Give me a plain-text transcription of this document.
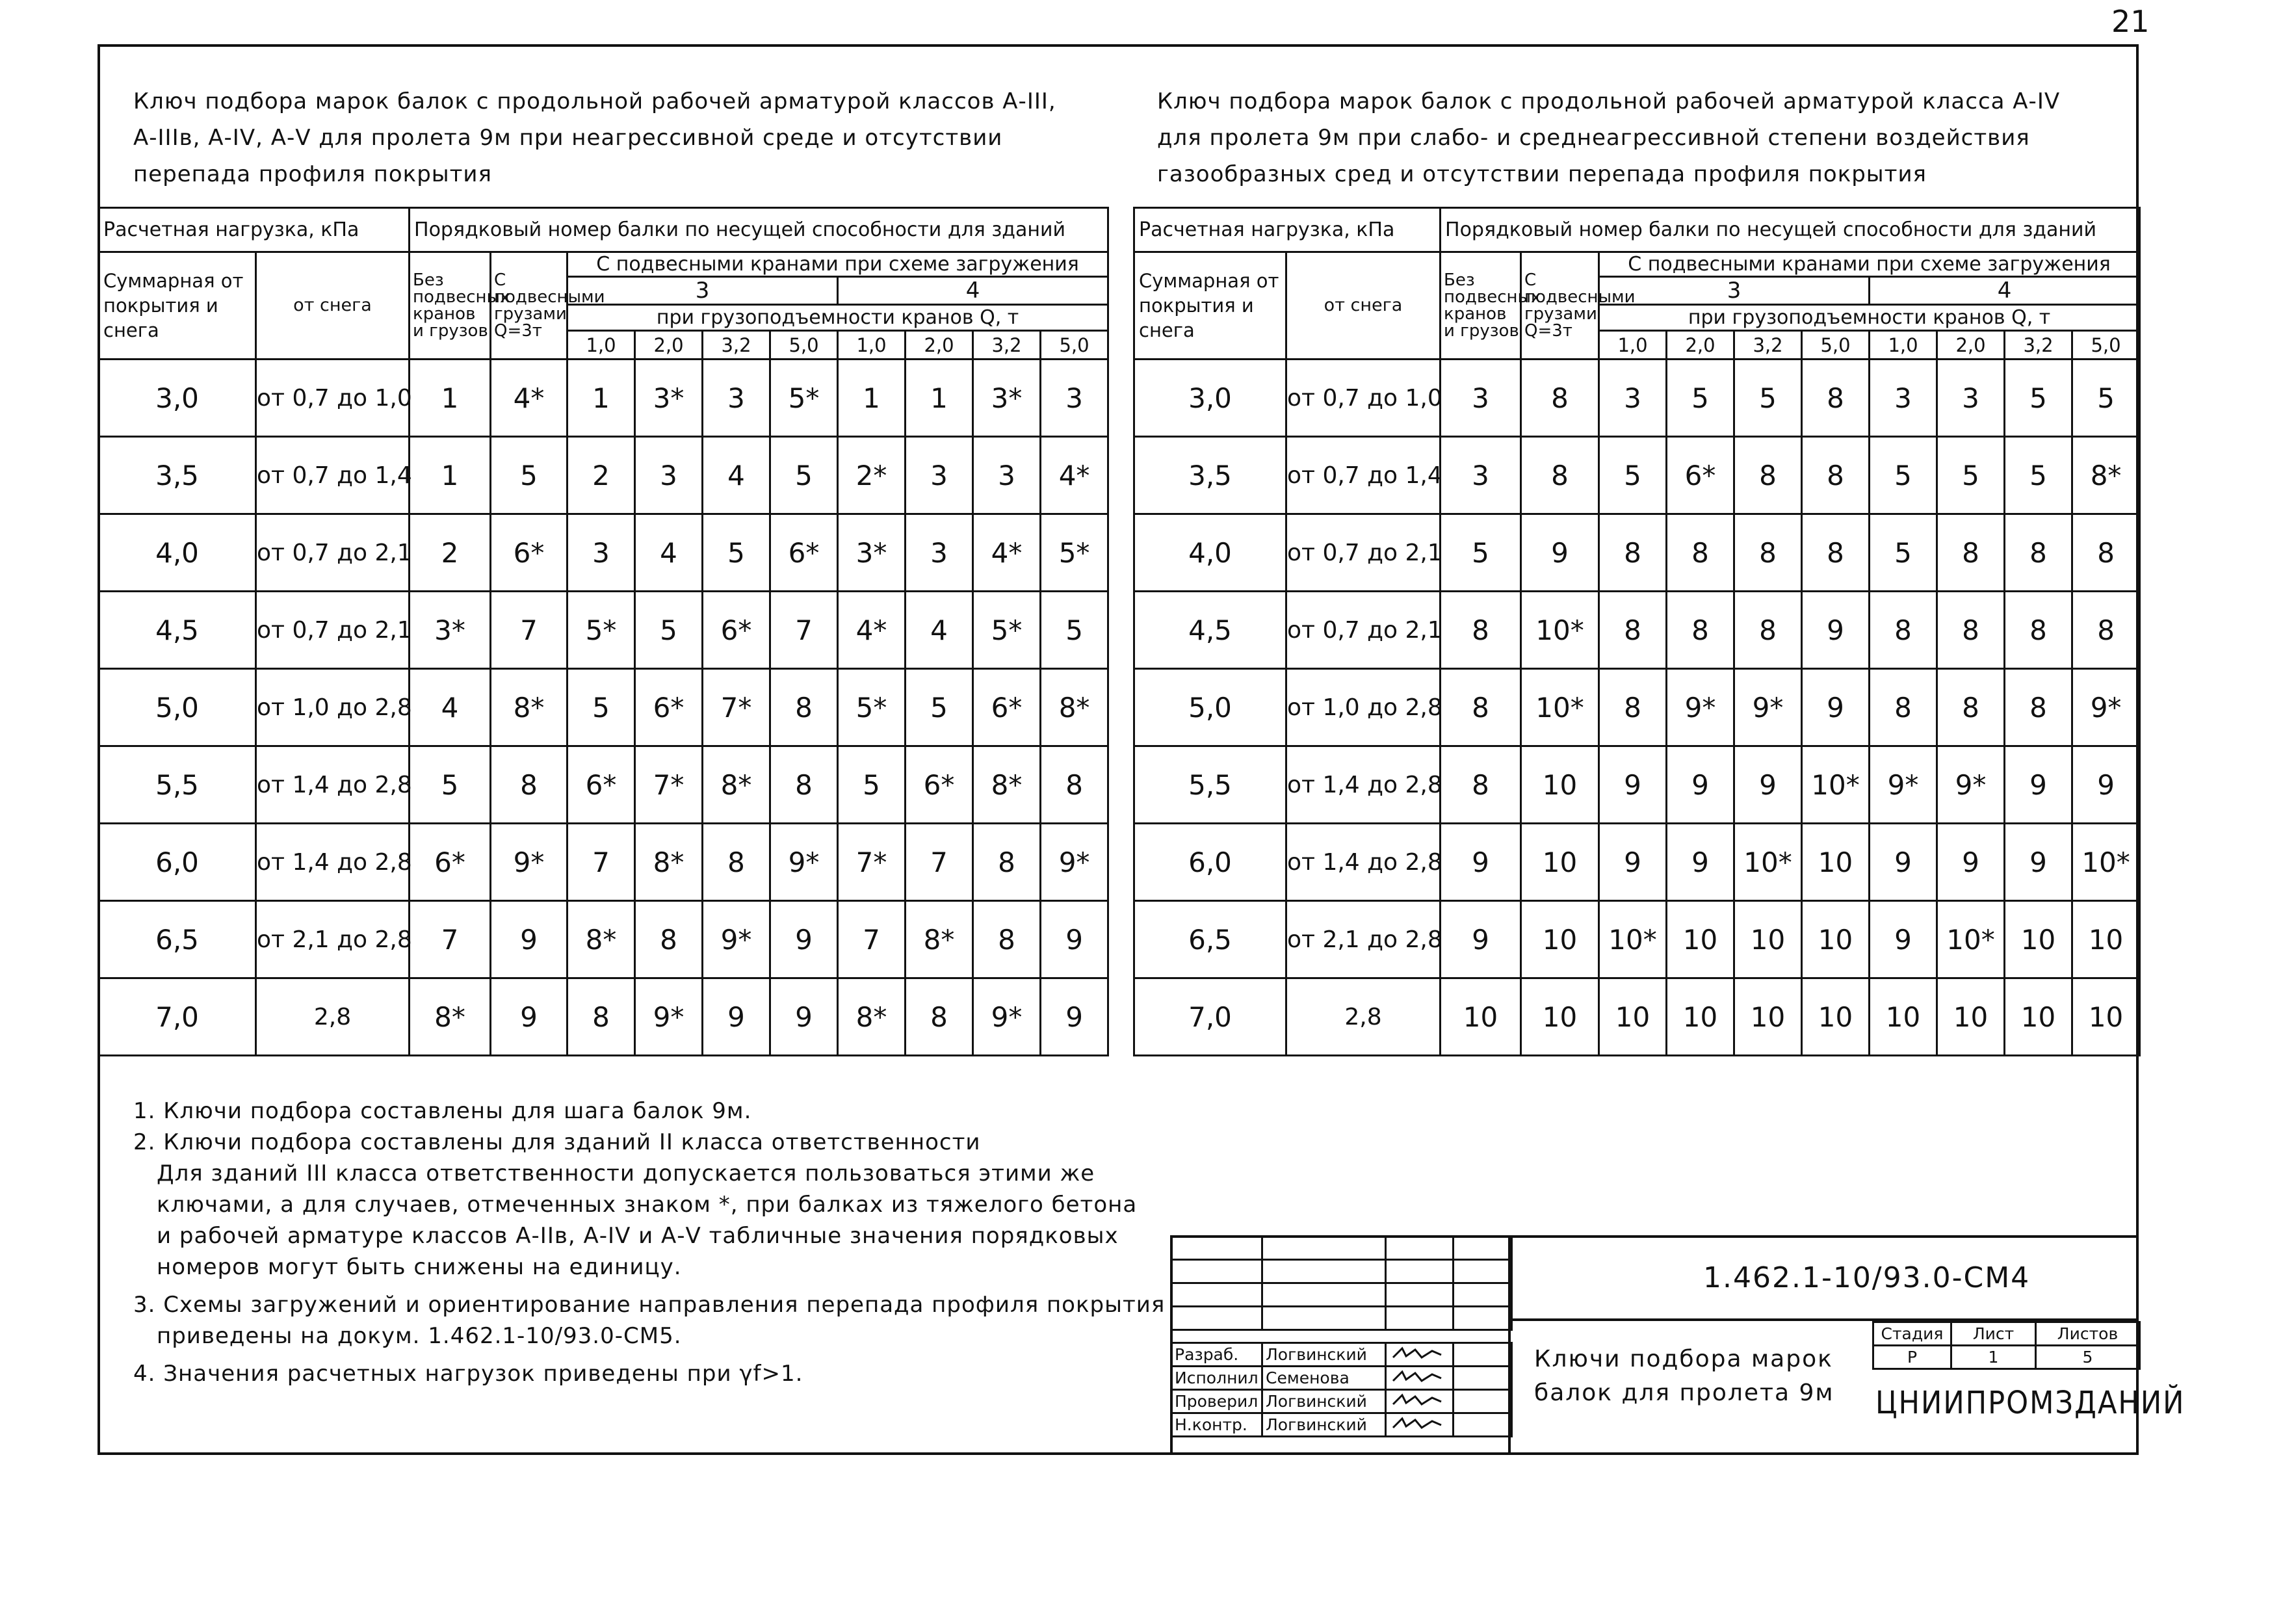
21
Ключ подбора марок балок с продольной рабочей арматурой классов А-III,
А-IIIв, А-IV, А-V для пролета 9м при неагрессивной среде и отсутствии
перепада профиля покрытия
Ключ подбора марок балок с продольной рабочей арматурой класса А-IV
для пролета 9м при слабо- и среднеагрессивной степени воздействия
газообразных сред и отсутствии перепада профиля покрытия
Расчетная нагрузка, кПа		Порядковый номер балки по несущей способности для зданий									
Суммарная от покрытия и снега	от снега	Без подвесных кранов и грузов	С подвесными грузами Q=3т	С подвесными кранами при схеме загружения							
				3				4			
				при грузоподъемности кранов Q, т							
				1,0	2,0	3,2	5,0	1,0	2,0	3,2	5,0
3,0	от 0,7 до 1,0	1	4*	1	3*	3	5*	1	1	3*	3
3,5	от 0,7 до 1,4	1	5	2	3	4	5	2*	3	3	4*
4,0	от 0,7 до 2,1	2	6*	3	4	5	6*	3*	3	4*	5*
4,5	от 0,7 до 2,1	3*	7	5*	5	6*	7	4*	4	5*	5
5,0	от 1,0 до 2,8	4	8*	5	6*	7*	8	5*	5	6*	8*
5,5	от 1,4 до 2,8	5	8	6*	7*	8*	8	5	6*	8*	8
6,0	от 1,4 до 2,8	6*	9*	7	8*	8	9*	7*	7	8	9*
6,5	от 2,1 до 2,8	7	9	8*	8	9*	9	7	8*	8	9
7,0	2,8	8*	9	8	9*	9	9	8*	8	9*	9
Расчетная нагрузка, кПа		Порядковый номер балки по несущей способности для зданий									
Суммарная от покрытия и снега	от снега	Без подвесных кранов и грузов	С подвесными грузами Q=3т	С подвесными кранами при схеме загружения							
				3				4			
				при грузоподъемности кранов Q, т							
				1,0	2,0	3,2	5,0	1,0	2,0	3,2	5,0
3,0	от 0,7 до 1,0	3	8	3	5	5	8	3	3	5	5
3,5	от 0,7 до 1,4	3	8	5	6*	8	8	5	5	5	8*
4,0	от 0,7 до 2,1	5	9	8	8	8	8	5	8	8	8
4,5	от 0,7 до 2,1	8	10*	8	8	8	9	8	8	8	8
5,0	от 1,0 до 2,8	8	10*	8	9*	9*	9	8	8	8	9*
5,5	от 1,4 до 2,8	8	10	9	9	9	10*	9*	9*	9	9
6,0	от 1,4 до 2,8	9	10	9	9	10*	10	9	9	9	10*
6,5	от 2,1 до 2,8	9	10	10*	10	10	10	9	10*	10	10
7,0	2,8	10	10	10	10	10	10	10	10	10	10
1. Ключи подбора составлены для шага балок 9м.
2. Ключи подбора составлены для зданий II класса ответственности
Для зданий III класса ответственности допускается пользоваться этими же
ключами, а для случаев, отмеченных знаком *, при балках из тяжелого бетона
и рабочей арматуре классов А-IIв, А-IV и А-V табличные значения порядковых
номеров могут быть снижены на единицу.
3. Схемы загружений и ориентирование направления перепада профиля покрытия
приведены на докум. 1.462.1-10/93.0-СМ5.
4. Значения расчетных нагрузок приведены при γf>1.

Разраб.	Логвинский		
Исполнил	Семенова		
Проверил	Логвинский		
Н.контр.	Логвинский		
1.462.1-10/93.0-СМ4
Ключи подбора марок
балок для пролета 9м
Стадия	Лист	Листов
Р	1	5
ЦНИИПРОМЗДАНИЙ
